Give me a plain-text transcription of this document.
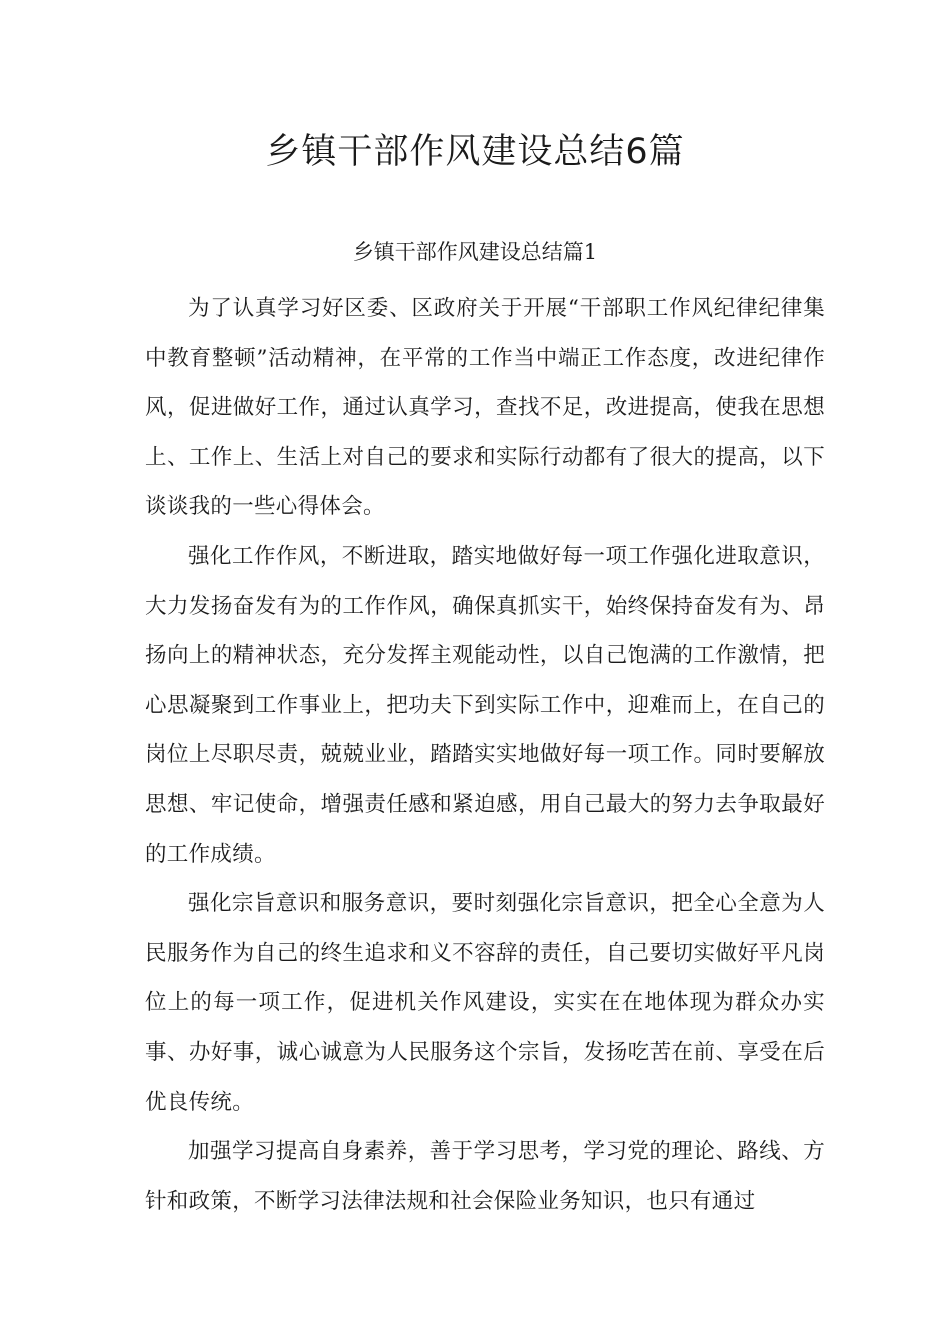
乡镇干部作风建设总结6篇
乡镇干部作风建设总结篇1

为了认真学习好区委、区政府关于开展“干部职工作风纪律纪律集中教育整顿”活动精神，在平常的工作当中端正工作态度，改进纪律作风，促进做好工作，通过认真学习，查找不足，改进提高，使我在思想上、工作上、生活上对自己的要求和实际行动都有了很大的提高，以下谈谈我的一些心得体会。

强化工作作风，不断进取，踏实地做好每一项工作强化进取意识，大力发扬奋发有为的工作作风，确保真抓实干，始终保持奋发有为、昂扬向上的精神状态，充分发挥主观能动性，以自己饱满的工作激情，把心思凝聚到工作事业上，把功夫下到实际工作中，迎难而上，在自己的岗位上尽职尽责，兢兢业业，踏踏实实地做好每一项工作。同时要解放思想、牢记使命，增强责任感和紧迫感，用自己最大的努力去争取最好的工作成绩。

强化宗旨意识和服务意识，要时刻强化宗旨意识，把全心全意为人民服务作为自己的终生追求和义不容辞的责任，自己要切实做好平凡岗位上的每一项工作，促进机关作风建设，实实在在地体现为群众办实事、办好事，诚心诚意为人民服务这个宗旨，发扬吃苦在前、享受在后优良传统。

加强学习提高自身素养，善于学习思考，学习党的理论、路线、方针和政策，不断学习法律法规和社会保险业务知识，也只有通过
